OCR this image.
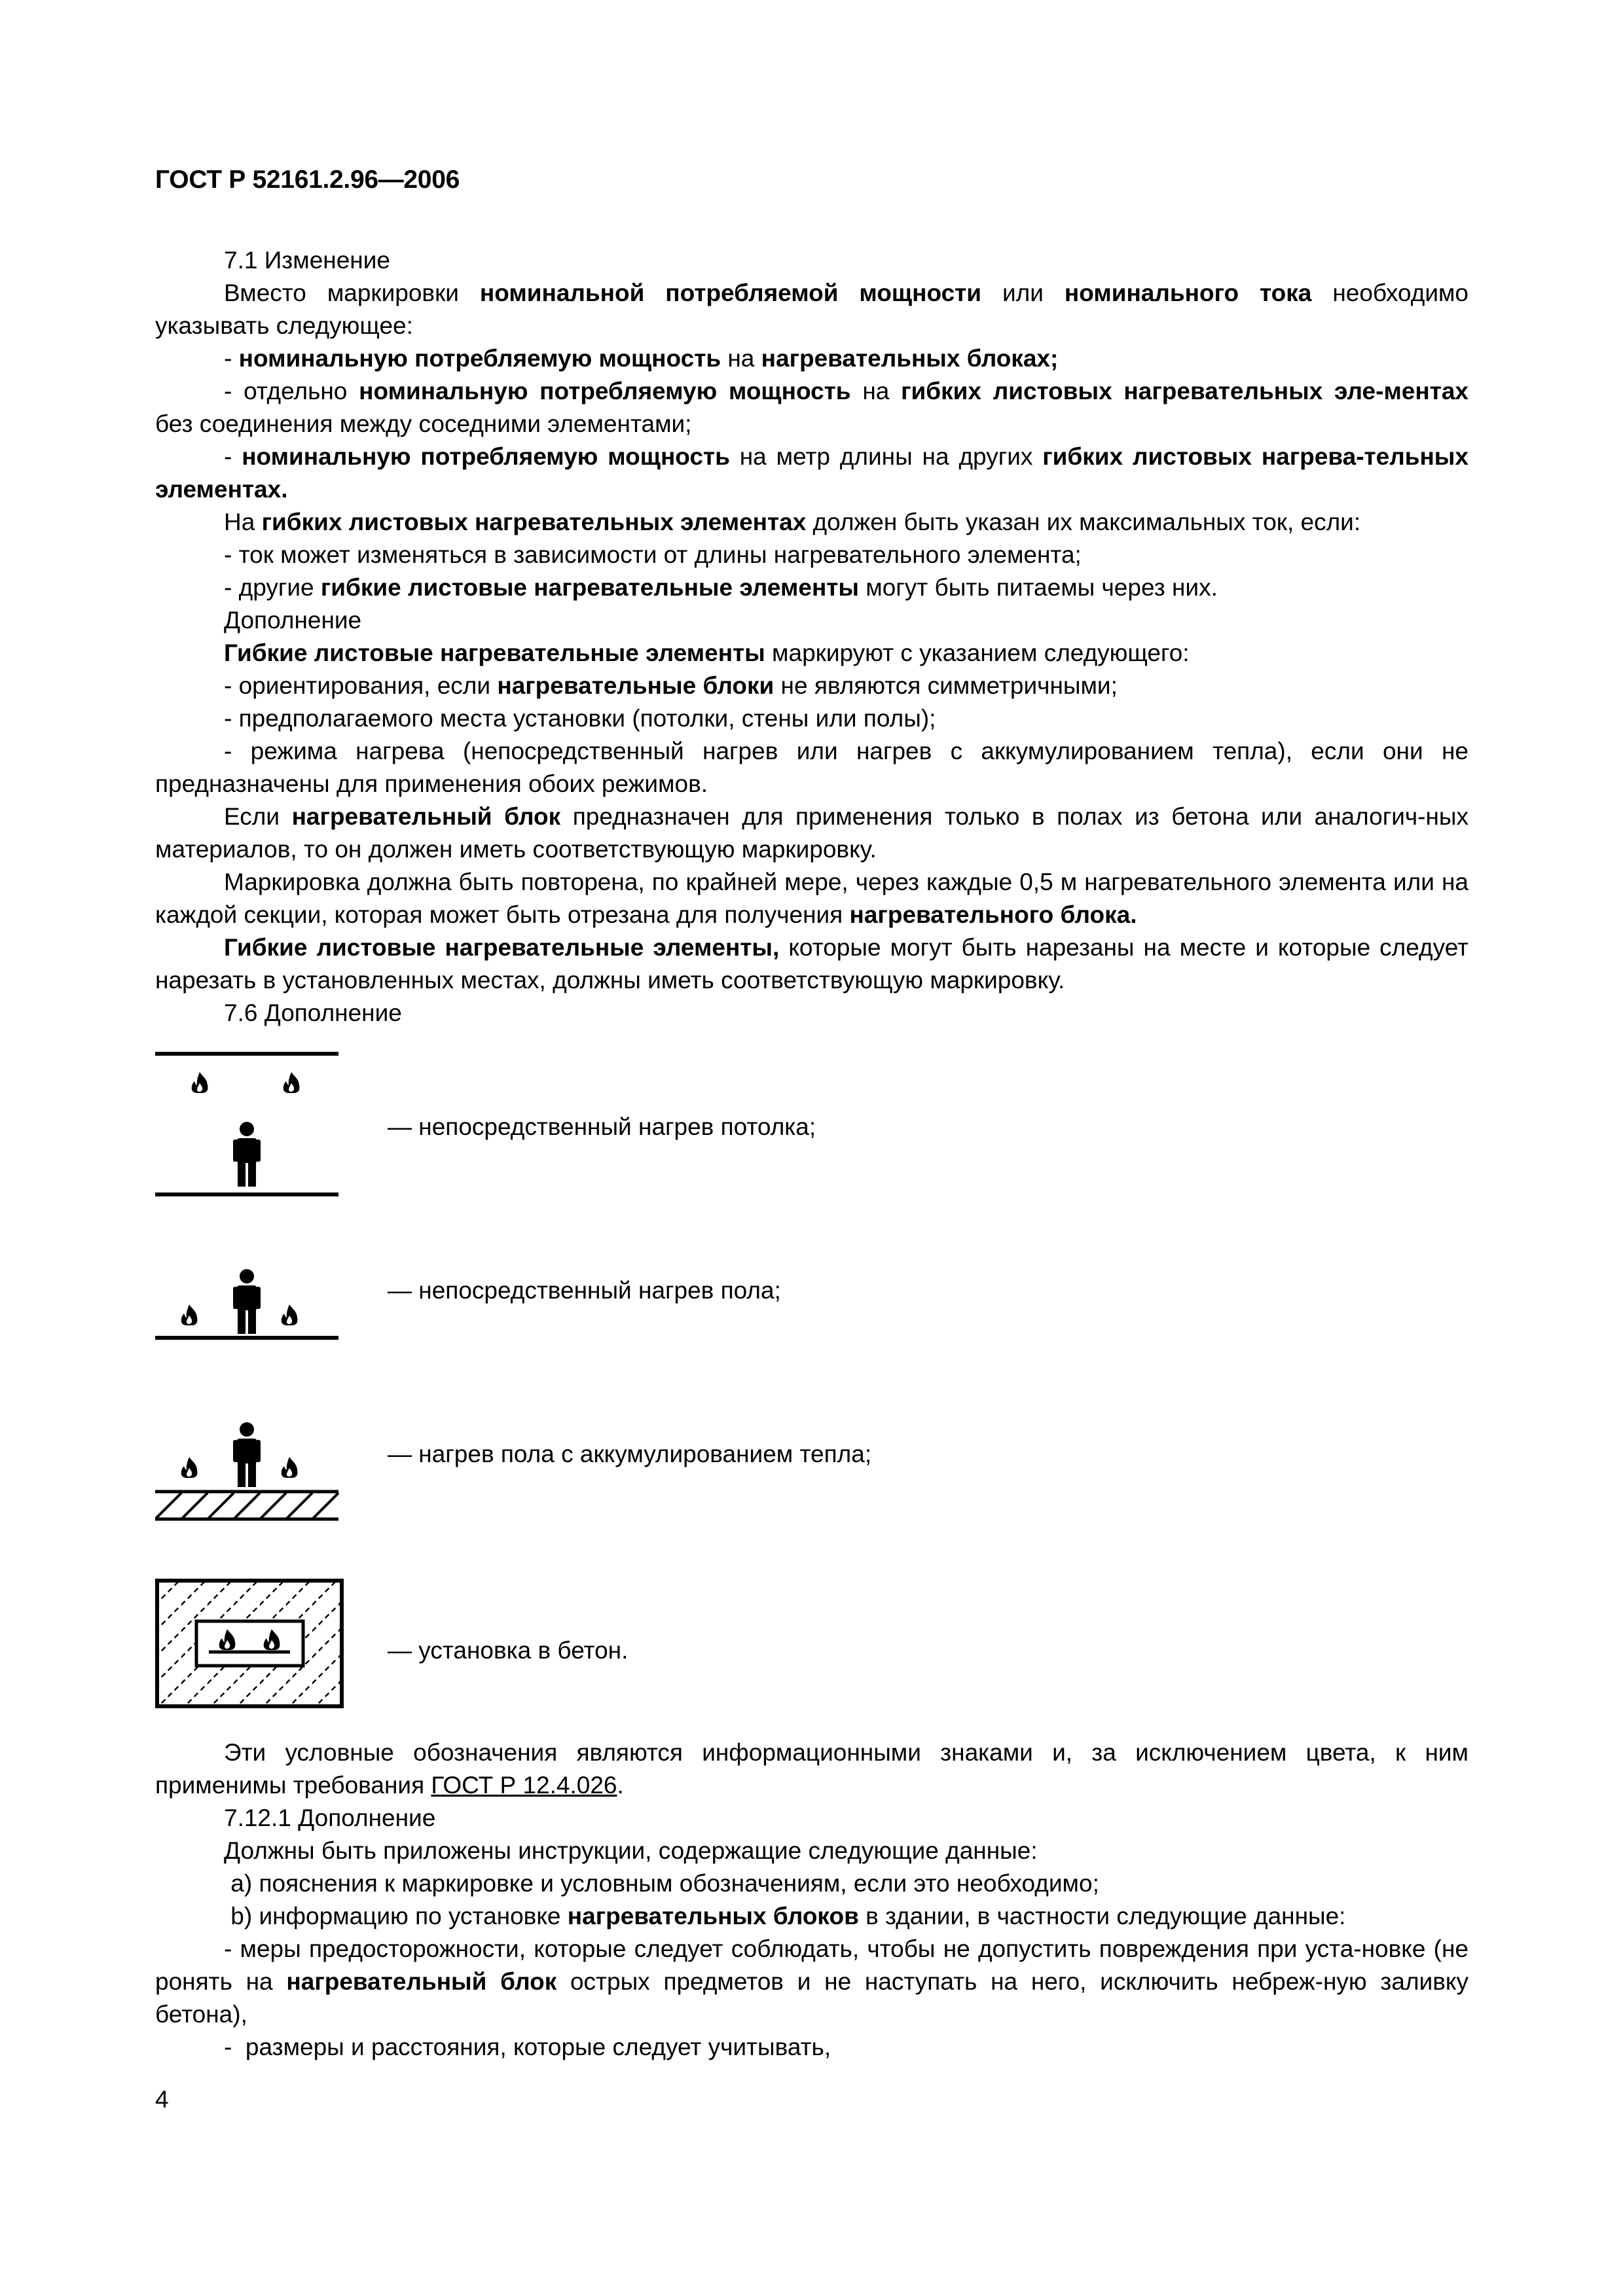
ГОСТ Р 52161.2.96—2006

7.1 Изменение

Вместо маркировки номинальной потребляемой мощности или номинального тока необходимо указывать следующее:

- номинальную потребляемую мощность на нагревательных блоках;

- отдельно номинальную потребляемую мощность на гибких листовых нагревательных эле-ментах без соединения между соседними элементами;

- номинальную потребляемую мощность на метр длины на других гибких листовых нагрева-тельных элементах.

На гибких листовых нагревательных элементах должен быть указан их максимальных ток, если:

- ток может изменяться в зависимости от длины нагревательного элемента;

- другие гибкие листовые нагревательные элементы могут быть питаемы через них.

Дополнение

Гибкие листовые нагревательные элементы маркируют с указанием следующего:

- ориентирования, если нагревательные блоки не являются симметричными;

- предполагаемого места установки (потолки, стены или полы);

- режима нагрева (непосредственный нагрев или нагрев с аккумулированием тепла), если они не предназначены для применения обоих режимов.

Если нагревательный блок предназначен для применения только в полах из бетона или аналогич-ных материалов, то он должен иметь соответствующую маркировку.

Маркировка должна быть повторена, по крайней мере, через каждые 0,5 м нагревательного элемента или на каждой секции, которая может быть отрезана для получения нагревательного блока.

Гибкие листовые нагревательные элементы, которые могут быть нарезаны на месте и которые следует нарезать в установленных местах, должны иметь соответствующую маркировку.

7.6 Дополнение

— непосредственный нагрев потолка;
— непосредственный нагрев пола;
— нагрев пола с аккумулированием тепла;
— установка в бетон.

Эти условные обозначения являются информационными знаками и, за исключением цвета, к ним применимы требования ГОСТ Р 12.4.026.

7.12.1 Дополнение

Должны быть приложены инструкции, содержащие следующие данные:

a) пояснения к маркировке и условным обозначениям, если это необходимо;

b) информацию по установке нагревательных блоков в здании, в частности следующие данные:

- меры предосторожности, которые следует соблюдать, чтобы не допустить повреждения при уста-новке (не ронять на нагревательный блок острых предметов и не наступать на него, исключить небреж-ную заливку бетона),

-  размеры и расстояния, которые следует учитывать,

4
